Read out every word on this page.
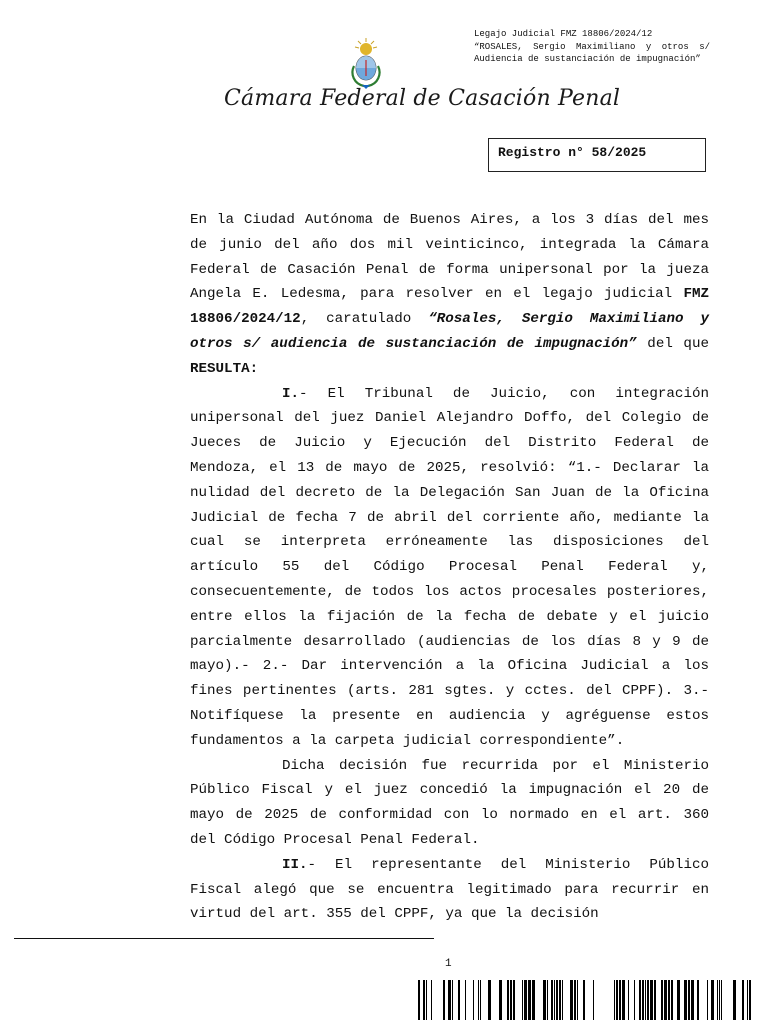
Legajo Judicial FMZ 18806/2024/12
“ROSALES, Sergio Maximiliano y otros s/ Audiencia de sustanciación de impugnación”
Cámara Federal de Casación Penal
Registro n° 58/2025

En la Ciudad Autónoma de Buenos Aires, a los 3 días del mes de junio del año dos mil veinticinco, integrada la Cámara Federal de Casación Penal de forma unipersonal por la jueza Angela E. Ledesma, para resolver en el legajo judicial FMZ 18806/2024/12, caratulado “Rosales, Sergio Maximiliano y otros s/ audiencia de sustanciación de impugnación” del que RESULTA:

I.- El Tribunal de Juicio, con integración unipersonal del juez Daniel Alejandro Doffo, del Colegio de Jueces de Juicio y Ejecución del Distrito Federal de Mendoza, el 13 de mayo de 2025, resolvió: “1.- Declarar la nulidad del decreto de la Delegación San Juan de la Oficina Judicial de fecha 7 de abril del corriente año, mediante la cual se interpreta erróneamente las disposiciones del artículo 55 del Código Procesal Penal Federal y, consecuentemente, de todos los actos procesales posteriores, entre ellos la fijación de la fecha de debate y el juicio parcialmente desarrollado (audiencias de los días 8 y 9 de mayo).- 2.- Dar intervención a la Oficina Judicial a los fines pertinentes (arts. 281 sgtes. y cctes. del CPPF). 3.- Notifíquese la presente en audiencia y agréguense estos fundamentos a la carpeta judicial correspondiente”.

Dicha decisión fue recurrida por el Ministerio Público Fiscal y el juez concedió la impugnación el 20 de mayo de 2025 de conformidad con lo normado en el art. 360 del Código Procesal Penal Federal.

II.- El representante del Ministerio Público Fiscal alegó que se encuentra legitimado para recurrir en virtud del art. 355 del CPPF, ya que la decisión

1
